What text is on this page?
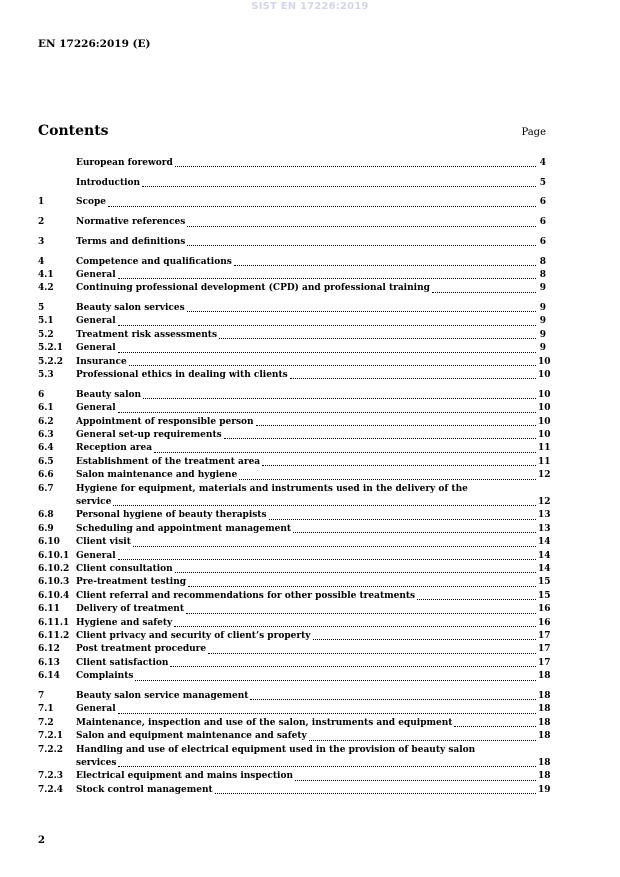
SIST EN 17226:2019
EN 17226:2019 (E)
Contents	Page
European foreword	4
Introduction	5
1	Scope	6
2	Normative references	6
3	Terms and definitions	6
4	Competence and qualifications	8
4.1	General	8
4.2	Continuing professional development (CPD) and professional training	9
5	Beauty salon services	9
5.1	General	9
5.2	Treatment risk assessments	9
5.2.1	General	9
5.2.2	Insurance	10
5.3	Professional ethics in dealing with clients	10
6	Beauty salon	10
6.1	General	10
6.2	Appointment of responsible person	10
6.3	General set-up requirements	10
6.4	Reception area	11
6.5	Establishment of the treatment area	11
6.6	Salon maintenance and hygiene	12
6.7	Hygiene for equipment, materials and instruments used in the delivery of the
service	12
6.8	Personal hygiene of beauty therapists	13
6.9	Scheduling and appointment management	13
6.10	Client visit	14
6.10.1 General	14
6.10.2 Client consultation	14
6.10.3 Pre-treatment testing	15
6.10.4 Client referral and recommendations for other possible treatments	15
6.11	Delivery of treatment	16
6.11.1 Hygiene and safety	16
6.11.2 Client privacy and security of client’s property	17
6.12	Post treatment procedure	17
6.13	Client satisfaction	17
6.14	Complaints	18
7	Beauty salon service management	18
7.1	General	18
7.2	Maintenance, inspection and use of the salon, instruments and equipment	18
7.2.1	Salon and equipment maintenance and safety	18
7.2.2	Handling and use of electrical equipment used in the provision of beauty salon
services	18
7.2.3	Electrical equipment and mains inspection	18
7.2.4	Stock control management	19
2
